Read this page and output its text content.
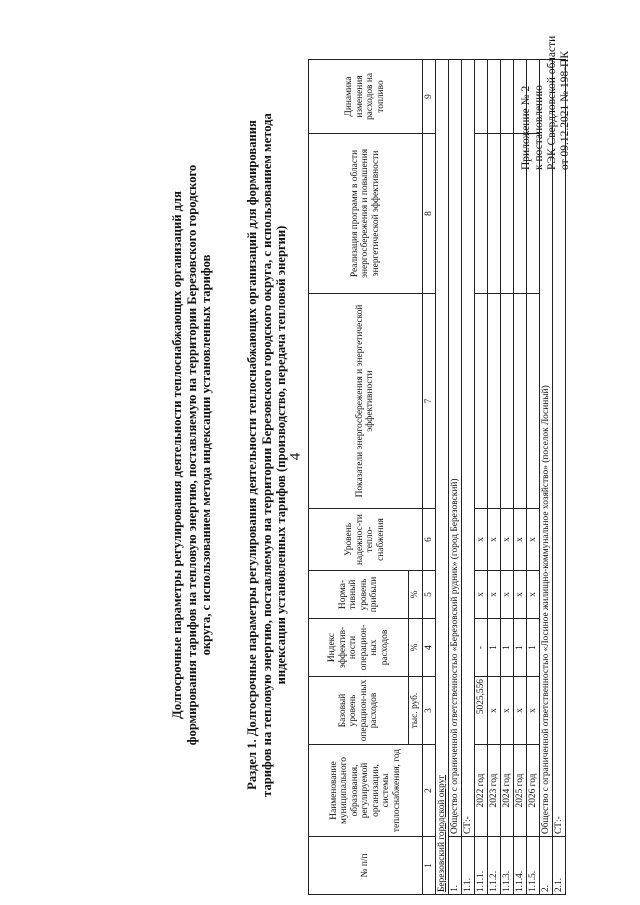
4
Приложение № 2 к постановлению РЭК Свердловской области от 09.12.2021 № 198-ПК
Долгосрочные параметры регулирования деятельности теплоснабжающих организаций для формирования тарифов на тепловую энергию, поставляемую на территории Березовского городского округа, с использованием метода индексации установленных тарифов	Раздел 1. Долгосрочные параметры регулирования деятельности теплоснабжающих организаций для формирования тарифов на тепловую энергию, поставляемую на территории Березовского городского округа, с использованием метода индексации установленных тарифов (производство, передача тепловой энергии)
№ п/п	Наименование муниципального образования, регулируемой организации, системы теплоснабжения, год	Базовый уровень операцион-ных расходов	Индекс эффектив-ности операцион-ных расходов	Норма-тивный уровень прибыли	Уровень надежнос-ти тепло-снабжения	Показатели энергосбережения и энергетической эффективности	Реализация программ в области энергосбережения и повышения энергетической эффективности	Динамика изменения расходов на топливо
		тыс. руб.	%	%				
1	2	3	4	5	6	7	8	9
Березовский городской округ								
1.	Общество с ограниченной ответственностью «Березовский рудник» (город Березовский)							
1.1.	СТ:-							
1.1.1.	2022 год	5025,556	-	х	х			
1.1.2.	2023 год	х	1	х	х			
1.1.3.	2024 год	х	1	х	х			
1.1.4.	2025 год	х	1	х	х			
1.1.5.	2026 год	х	1	х	х			
2.	Общество с ограниченной ответственностью «Лосиное жилищно-коммунальное хозяйство» (поселок Лосиный)							
2.1.	СТ:-							
